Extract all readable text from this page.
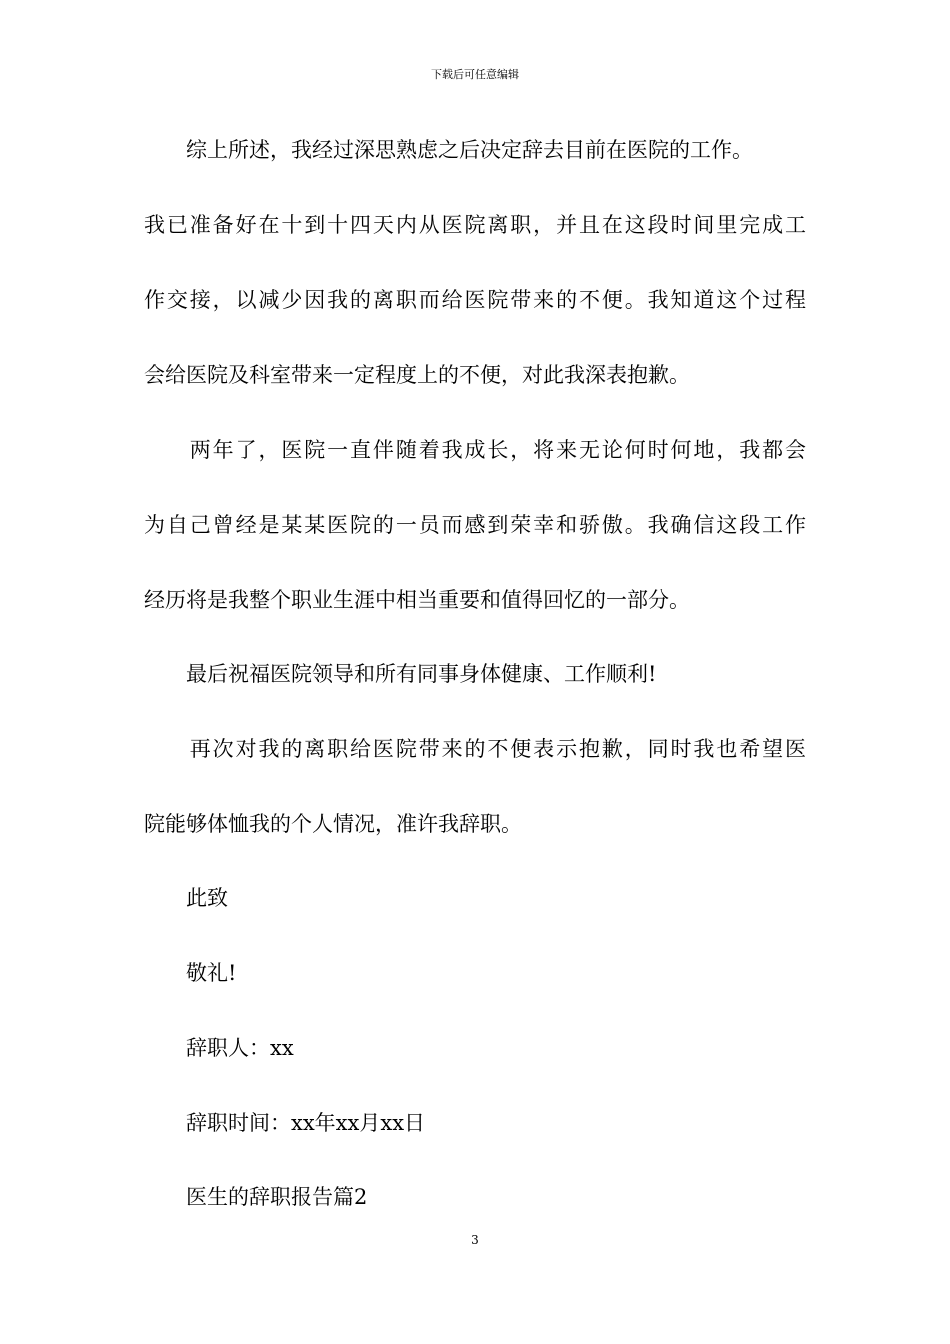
下载后可任意编辑
　　综上所述，我经过深思熟虑之后决定辞去目前在医院的工作。
我已准备好在十到十四天内从医院离职，并且在这段时间里完成工
作交接，以减少因我的离职而给医院带来的不便。我知道这个过程
会给医院及科室带来一定程度上的不便，对此我深表抱歉。
　　两年了，医院一直伴随着我成长，将来无论何时何地，我都会
为自己曾经是某某医院的一员而感到荣幸和骄傲。我确信这段工作
经历将是我整个职业生涯中相当重要和值得回忆的一部分。
　　最后祝福医院领导和所有同事身体健康、工作顺利!
　　再次对我的离职给医院带来的不便表示抱歉，同时我也希望医
院能够体恤我的个人情况，准许我辞职。
　　此致
　　敬礼!
　　辞职人：xx
　　辞职时间：xx年xx月xx日
　　医生的辞职报告篇2
3
